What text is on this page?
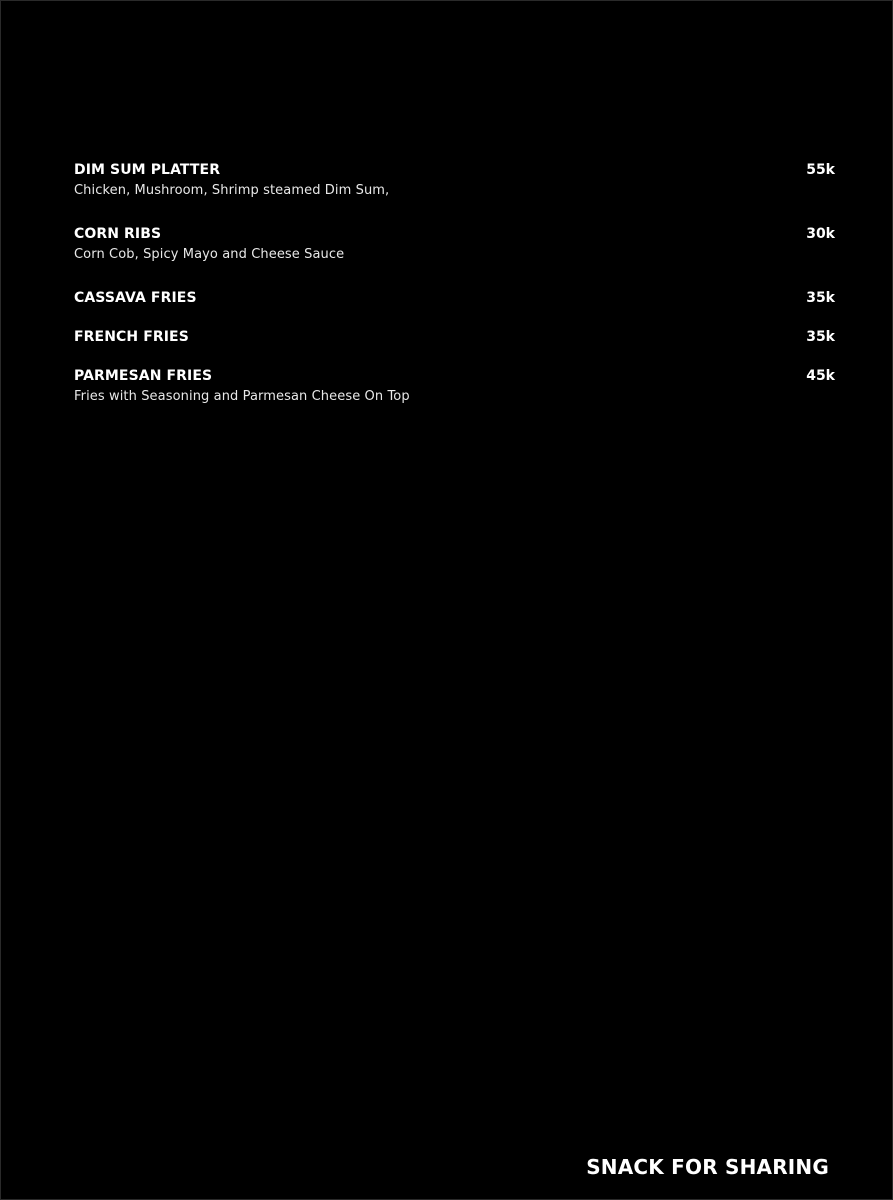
DIM SUM PLATTER	55k
Chicken, Mushroom, Shrimp steamed Dim Sum,
CORN RIBS	30k
Corn Cob, Spicy Mayo and Cheese Sauce
CASSAVA FRIES	35k
FRENCH FRIES	35k
PARMESAN FRIES	45k
Fries with Seasoning and Parmesan Cheese On Top
SNACK FOR SHARING
